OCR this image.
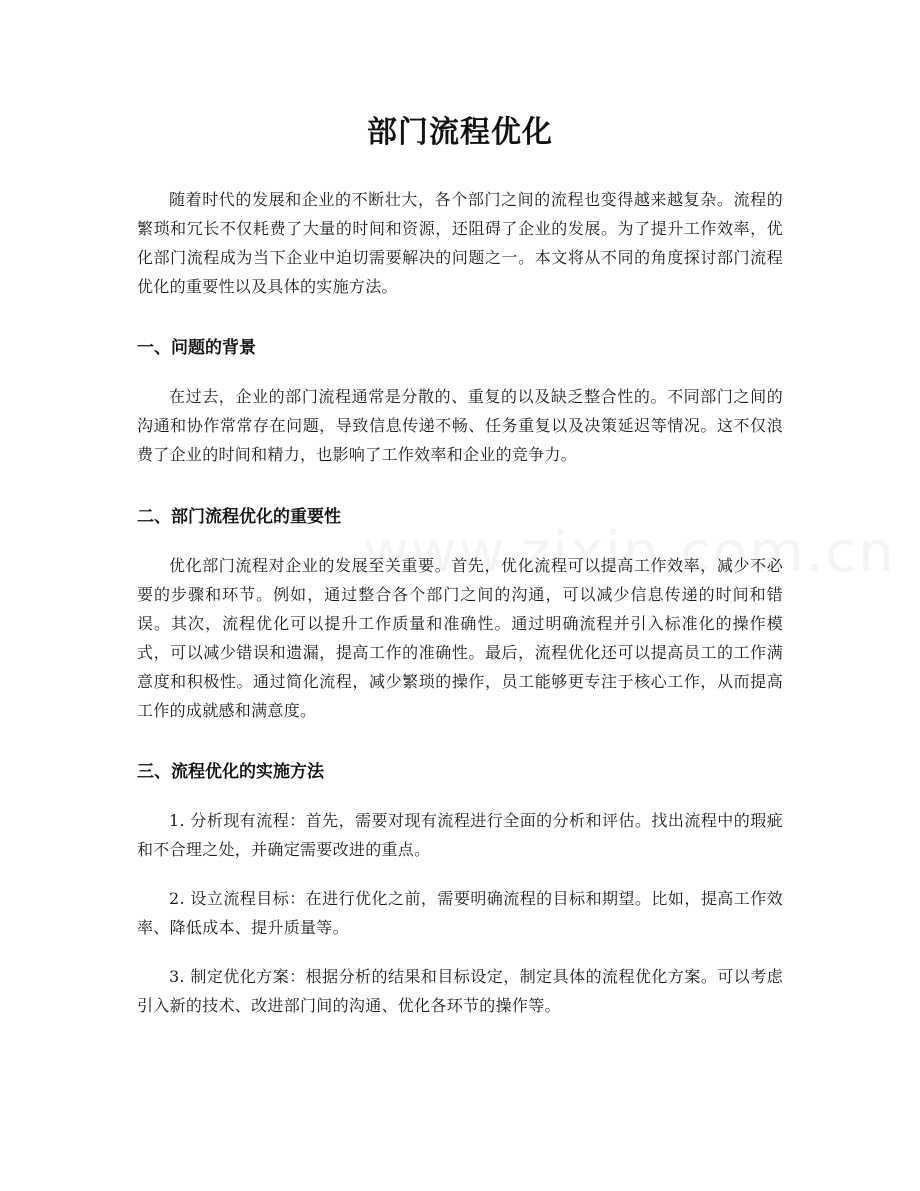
部门流程优化

随着时代的发展和企业的不断壮大，各个部门之间的流程也变得越来越复杂。流程的繁琐和冗长不仅耗费了大量的时间和资源，还阻碍了企业的发展。为了提升工作效率，优化部门流程成为当下企业中迫切需要解决的问题之一。本文将从不同的角度探讨部门流程优化的重要性以及具体的实施方法。

一、问题的背景

在过去，企业的部门流程通常是分散的、重复的以及缺乏整合性的。不同部门之间的沟通和协作常常存在问题，导致信息传递不畅、任务重复以及决策延迟等情况。这不仅浪费了企业的时间和精力，也影响了工作效率和企业的竞争力。

二、部门流程优化的重要性

优化部门流程对企业的发展至关重要。首先，优化流程可以提高工作效率，减少不必要的步骤和环节。例如，通过整合各个部门之间的沟通，可以减少信息传递的时间和错误。其次，流程优化可以提升工作质量和准确性。通过明确流程并引入标准化的操作模式，可以减少错误和遗漏，提高工作的准确性。最后，流程优化还可以提高员工的工作满意度和积极性。通过简化流程，减少繁琐的操作，员工能够更专注于核心工作，从而提高工作的成就感和满意度。

三、流程优化的实施方法

1. 分析现有流程：首先，需要对现有流程进行全面的分析和评估。找出流程中的瑕疵和不合理之处，并确定需要改进的重点。

2. 设立流程目标：在进行优化之前，需要明确流程的目标和期望。比如，提高工作效率、降低成本、提升质量等。

3. 制定优化方案：根据分析的结果和目标设定，制定具体的流程优化方案。可以考虑引入新的技术、改进部门间的沟通、优化各环节的操作等。
